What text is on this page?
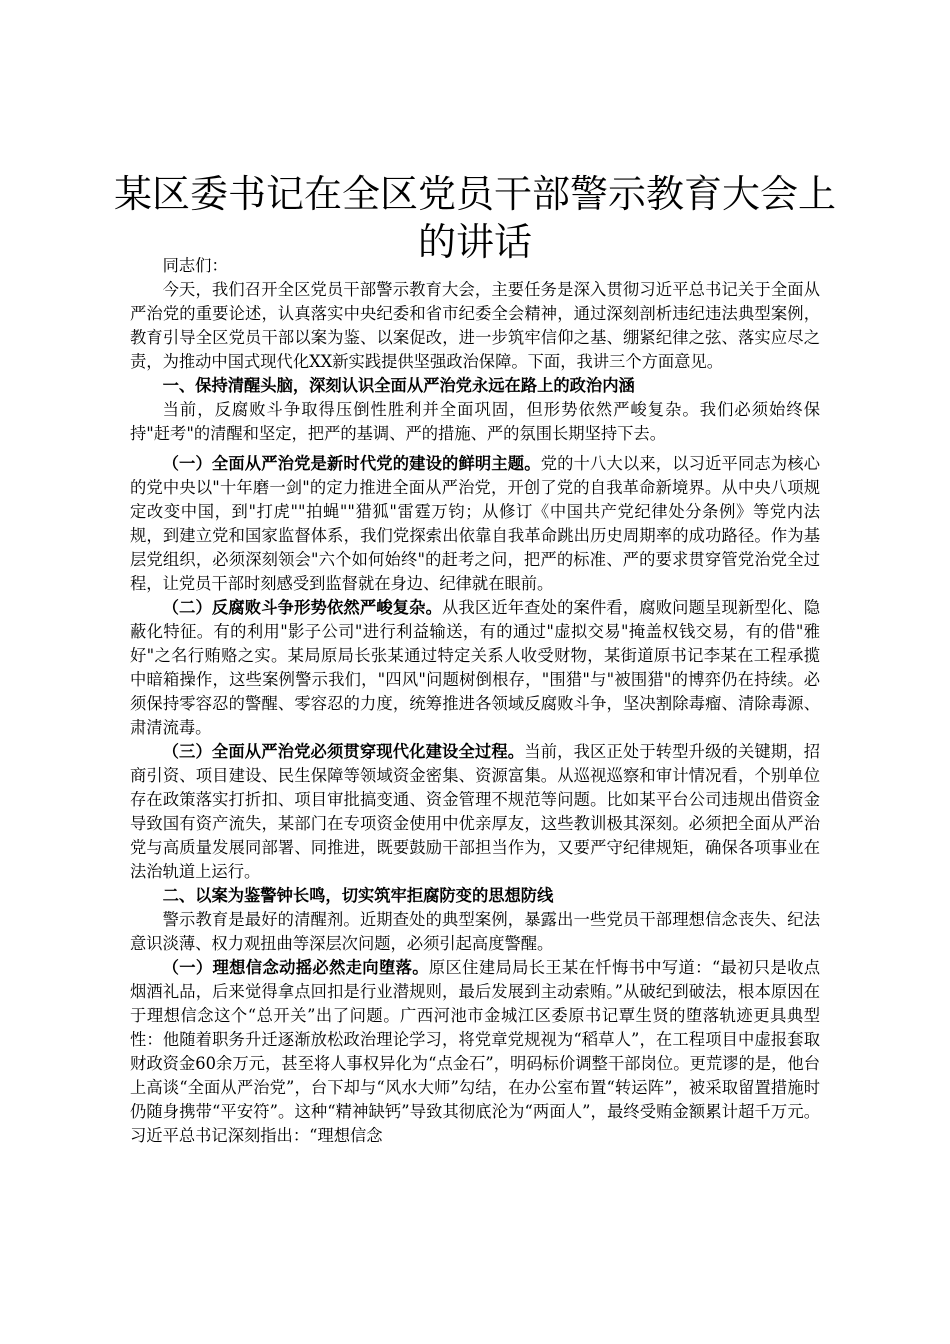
某区委书记在全区党员干部警示教育大会上的讲话

同志们：

今天，我们召开全区党员干部警示教育大会，主要任务是深入贯彻习近平总书记关于全面从严治党的重要论述，认真落实中央纪委和省市纪委全会精神，通过深刻剖析违纪违法典型案例，教育引导全区党员干部以案为鉴、以案促改，进一步筑牢信仰之基、绷紧纪律之弦、落实应尽之责，为推动中国式现代化XX新实践提供坚强政治保障。下面，我讲三个方面意见。

一、保持清醒头脑，深刻认识全面从严治党永远在路上的政治内涵

当前，反腐败斗争取得压倒性胜利并全面巩固，但形势依然严峻复杂。我们必须始终保持"赶考"的清醒和坚定，把严的基调、严的措施、严的氛围长期坚持下去。

（一）全面从严治党是新时代党的建设的鲜明主题。党的十八大以来，以习近平同志为核心的党中央以"十年磨一剑"的定力推进全面从严治党，开创了党的自我革命新境界。从中央八项规定改变中国，到"打虎""拍蝇""猎狐"雷霆万钧；从修订《中国共产党纪律处分条例》等党内法规，到建立党和国家监督体系，我们党探索出依靠自我革命跳出历史周期率的成功路径。作为基层党组织，必须深刻领会"六个如何始终"的赶考之问，把严的标准、严的要求贯穿管党治党全过程，让党员干部时刻感受到监督就在身边、纪律就在眼前。

（二）反腐败斗争形势依然严峻复杂。从我区近年查处的案件看，腐败问题呈现新型化、隐蔽化特征。有的利用"影子公司"进行利益输送，有的通过"虚拟交易"掩盖权钱交易，有的借"雅好"之名行贿赂之实。某局原局长张某通过特定关系人收受财物，某街道原书记李某在工程承揽中暗箱操作，这些案例警示我们，"四风"问题树倒根存，"围猎"与"被围猎"的博弈仍在持续。必须保持零容忍的警醒、零容忍的力度，统筹推进各领域反腐败斗争，坚决割除毒瘤、清除毒源、肃清流毒。

（三）全面从严治党必须贯穿现代化建设全过程。当前，我区正处于转型升级的关键期，招商引资、项目建设、民生保障等领域资金密集、资源富集。从巡视巡察和审计情况看，个别单位存在政策落实打折扣、项目审批搞变通、资金管理不规范等问题。比如某平台公司违规出借资金导致国有资产流失，某部门在专项资金使用中优亲厚友，这些教训极其深刻。必须把全面从严治党与高质量发展同部署、同推进，既要鼓励干部担当作为，又要严守纪律规矩，确保各项事业在法治轨道上运行。

二、以案为鉴警钟长鸣，切实筑牢拒腐防变的思想防线

警示教育是最好的清醒剂。近期查处的典型案例，暴露出一些党员干部理想信念丧失、纪法意识淡薄、权力观扭曲等深层次问题，必须引起高度警醒。

（一）理想信念动摇必然走向堕落。原区住建局局长王某在忏悔书中写道：“最初只是收点烟酒礼品，后来觉得拿点回扣是行业潜规则，最后发展到主动索贿。”从破纪到破法，根本原因在于理想信念这个“总开关”出了问题。广西河池市金城江区委原书记覃生贤的堕落轨迹更具典型性：他随着职务升迁逐渐放松政治理论学习，将党章党规视为“稻草人”，在工程项目中虚报套取财政资金60余万元，甚至将人事权异化为“点金石”，明码标价调整干部岗位。更荒谬的是，他台上高谈“全面从严治党”，台下却与“风水大师”勾结，在办公室布置“转运阵”，被采取留置措施时仍随身携带“平安符”。这种“精神缺钙”导致其彻底沦为“两面人”，最终受贿金额累计超千万元。习近平总书记深刻指出：“理想信念
